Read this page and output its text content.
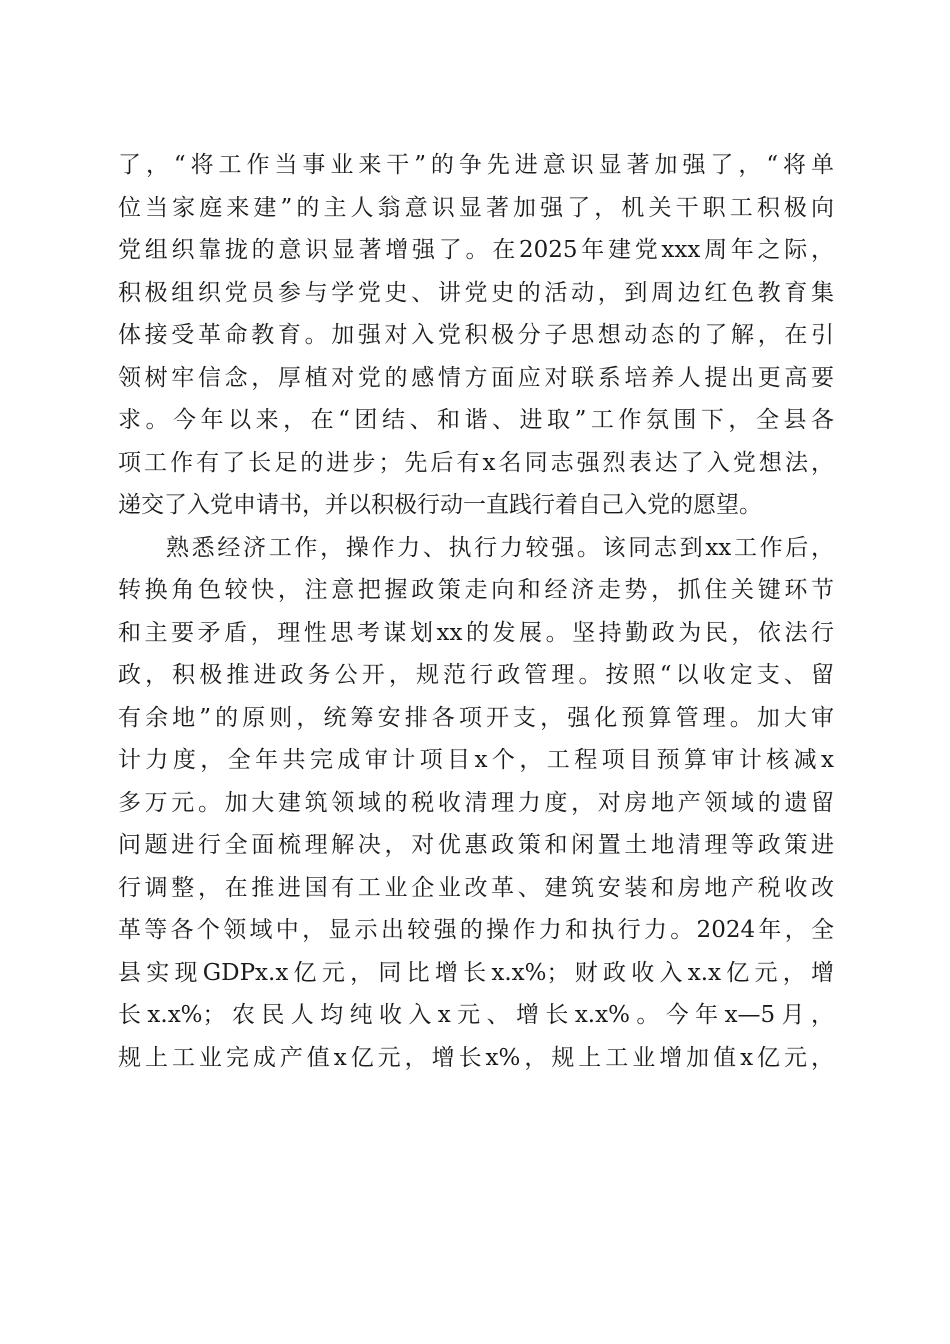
了，“将工作当事业来干”的争先进意识显著加强了，“将单
位当家庭来建”的主人翁意识显著加强了，机关干职工积极向
党组织靠拢的意识显著增强了。在2025年建党xxx周年之际，
积极组织党员参与学党史、讲党史的活动，到周边红色教育集
体接受革命教育。加强对入党积极分子思想动态的了解，在引
领树牢信念，厚植对党的感情方面应对联系培养人提出更高要
求。今年以来，在“团结、和谐、进取”工作氛围下，全县各
项工作有了长足的进步；先后有x名同志强烈表达了入党想法，
递交了入党申请书，并以积极行动一直践行着自己入党的愿望。
熟悉经济工作，操作力、执行力较强。该同志到xx工作后，
转换角色较快，注意把握政策走向和经济走势，抓住关键环节
和主要矛盾，理性思考谋划xx的发展。坚持勤政为民，依法行
政，积极推进政务公开，规范行政管理。按照“以收定支、留
有余地”的原则，统筹安排各项开支，强化预算管理。加大审
计力度，全年共完成审计项目x个，工程项目预算审计核减x
多万元。加大建筑领域的税收清理力度，对房地产领域的遗留
问题进行全面梳理解决，对优惠政策和闲置土地清理等政策进
行调整，在推进国有工业企业改革、建筑安装和房地产税收改
革等各个领域中，显示出较强的操作力和执行力。2024年，全
县实现GDPx.x亿元，同比增长x.x%；财政收入x.x亿元，增
长x.x%；农民人均纯收入x元、增长x.x%。今年x—5月，
规上工业完成产值x亿元，增长x%，规上工业增加值x亿元，
